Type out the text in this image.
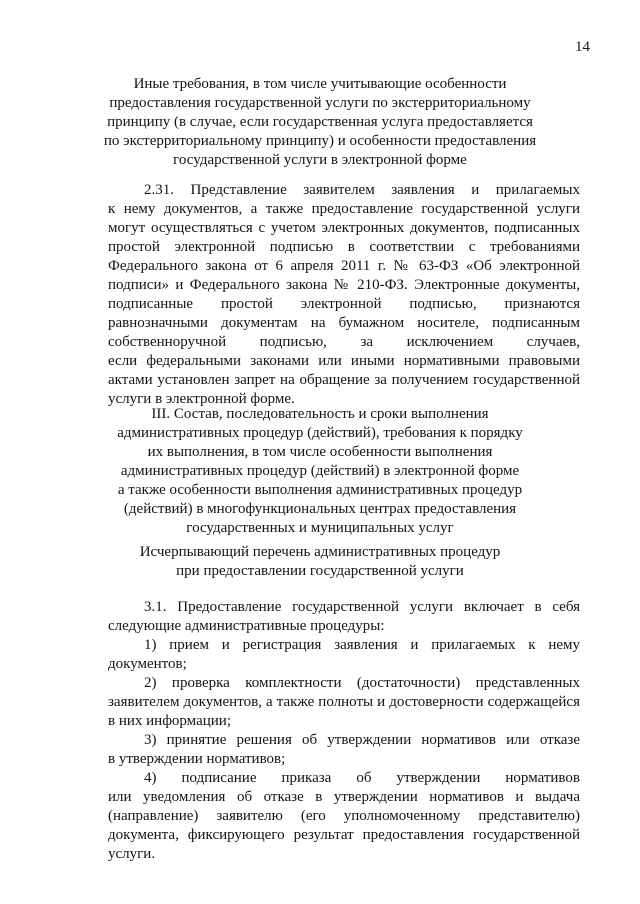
14
Иные требования, в том числе учитывающие особенности
предоставления государственной услуги по экстерриториальному
принципу (в случае, если государственная услуга предоставляется
по экстерриториальному принципу) и особенности предоставления
государственной услуги в электронной форме
2.31. Представление заявителем заявления и прилагаемых
к нему документов, а также предоставление государственной услуги
могут осуществляться с учетом электронных документов, подписанных
простой электронной подписью в соответствии с требованиями
Федерального закона от 6 апреля 2011 г. № 63-ФЗ «Об электронной
подписи» и Федерального закона № 210-ФЗ. Электронные документы,
подписанные простой электронной подписью, признаются
равнозначными документам на бумажном носителе, подписанным
собственноручной подписью, за исключением случаев,
если федеральными законами или иными нормативными правовыми
актами установлен запрет на обращение за получением государственной
услуги в электронной форме.
III. Состав, последовательность и сроки выполнения
административных процедур (действий), требования к порядку
их выполнения, в том числе особенности выполнения
административных процедур (действий) в электронной форме
а также особенности выполнения административных процедур
(действий) в многофункциональных центрах предоставления
государственных и муниципальных услуг
Исчерпывающий перечень административных процедур
при предоставлении государственной услуги
3.1. Предоставление государственной услуги включает в себя
следующие административные процедуры:
1) прием и регистрация заявления и прилагаемых к нему
документов;
2) проверка комплектности (достаточности) представленных
заявителем документов, а также полноты и достоверности содержащейся
в них информации;
3) принятие решения об утверждении нормативов или отказе
в утверждении нормативов;
4) подписание приказа об утверждении нормативов
или уведомления об отказе в утверждении нормативов и выдача
(направление) заявителю (его уполномоченному представителю)
документа, фиксирующего результат предоставления государственной
услуги.
